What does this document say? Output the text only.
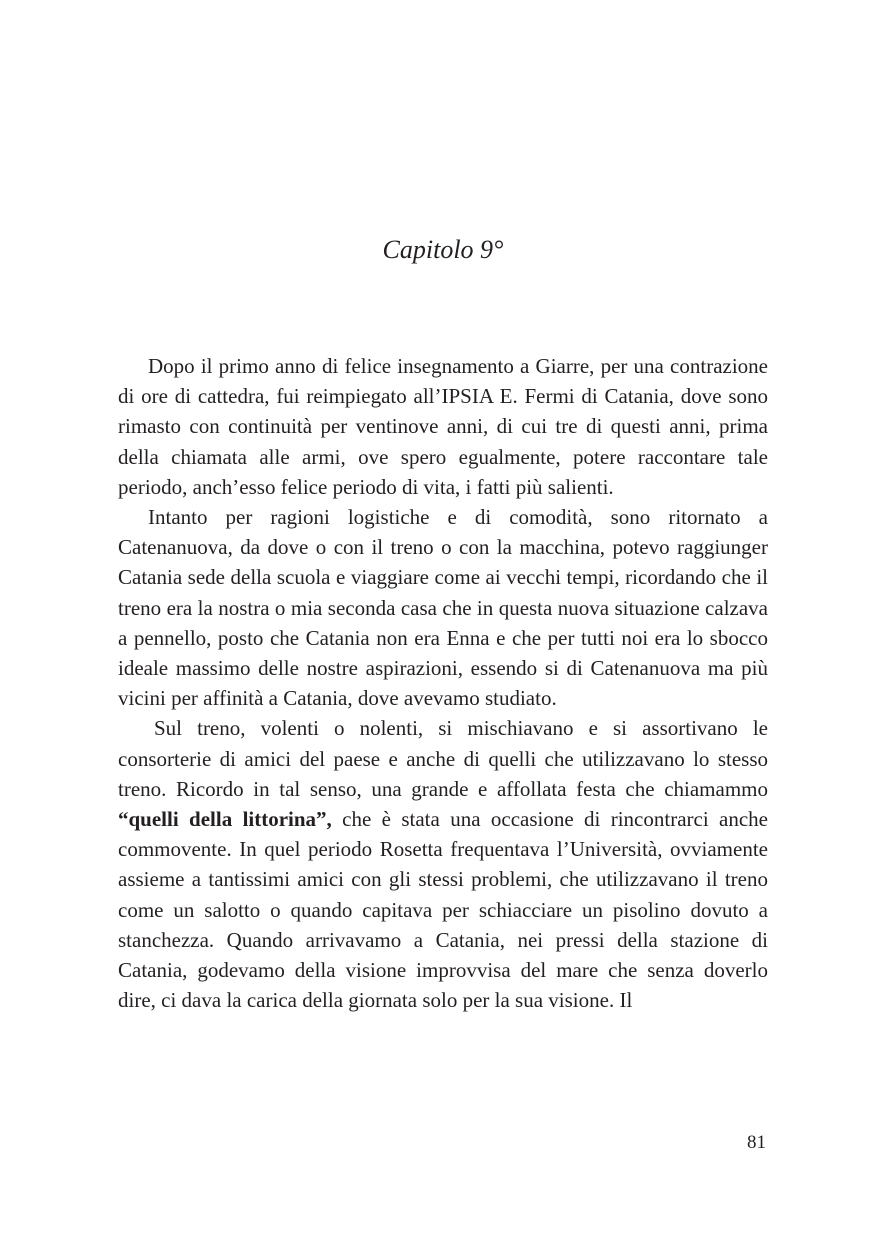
Capitolo 9°

Dopo il primo anno di felice insegnamento a Giarre, per una contrazione di ore di cattedra, fui reimpiegato all’IPSIA E. Fermi di Catania, dove sono rimasto con continuità per ventinove anni, di cui tre di questi anni, prima della chiamata alle armi, ove spero egualmente, potere raccontare tale periodo, anch’esso felice periodo di vita, i fatti più salienti.

Intanto per ragioni logistiche e di comodità, sono ritornato a Catenanuova, da dove o con il treno o con la macchina, potevo raggiunger Catania sede della scuola e viaggiare come ai vecchi tempi, ricordando che il treno era la nostra o mia seconda casa che in questa nuova situazione calzava a pennello, posto che Catania non era Enna e che per tutti noi era lo sbocco ideale massimo delle nostre aspirazioni, essendo si di Catenanuova ma più vicini per affinità a Catania, dove avevamo studiato.

Sul treno, volenti o nolenti, si mischiavano e si assortivano le consorterie di amici del paese e anche di quelli che utilizzavano lo stesso treno. Ricordo in tal senso, una grande e affollata festa che chiamammo “quelli della littorina”, che è stata una occasione di rincontrarci anche commovente. In quel periodo Rosetta frequentava l’Università, ovviamente assieme a tantissimi amici con gli stessi problemi, che utilizzavano il treno come un salotto o quando capitava per schiacciare un pisolino dovuto a stanchezza. Quando arrivavamo a Catania, nei pressi della stazione di Catania, godevamo della visione improvvisa del mare che senza doverlo dire, ci dava la carica della giornata solo per la sua visione. Il

81
